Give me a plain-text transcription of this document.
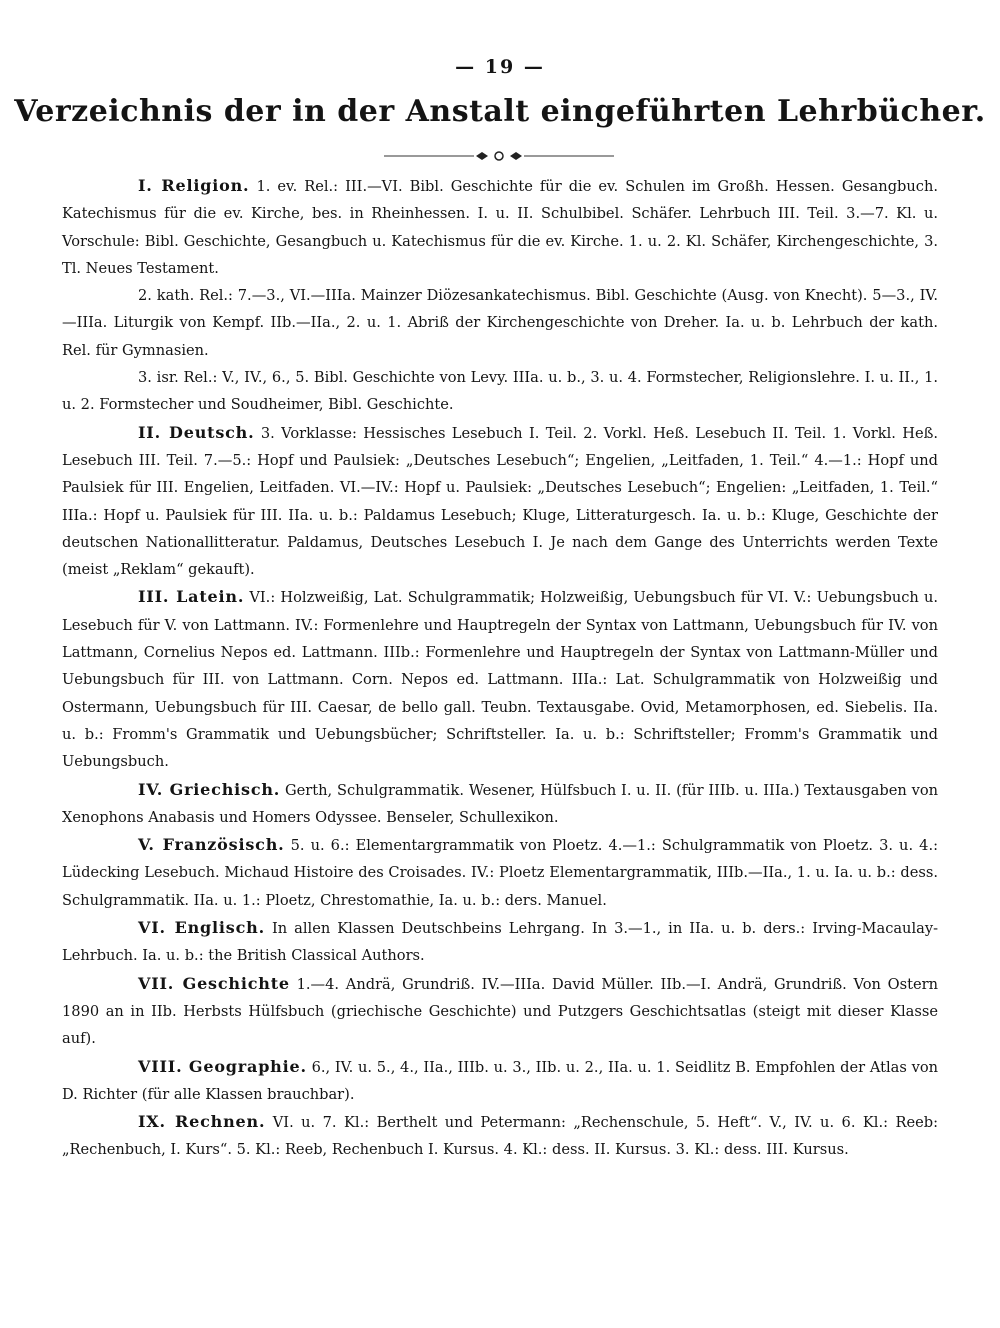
— 19 —
Verzeichnis der in der Anstalt eingeführten Lehrbücher.

I. Religion. 1. ev. Rel.: III.—VI. Bibl. Geschichte für die ev. Schulen im Großh. Hessen. Gesangbuch. Katechismus für die ev. Kirche, bes. in Rheinhessen. I. u. II. Schulbibel. Schäfer. Lehrbuch III. Teil. 3.—7. Kl. u. Vorschule: Bibl. Geschichte, Gesangbuch u. Katechismus für die ev. Kirche. 1. u. 2. Kl. Schäfer, Kirchengeschichte, 3. Tl. Neues Testament.

2. kath. Rel.: 7.—3., VI.—IIIa. Mainzer Diözesankatechismus. Bibl. Geschichte (Ausg. von Knecht). 5—3., IV.—IIIa. Liturgik von Kempf. IIb.—IIa., 2. u. 1. Abriß der Kirchengeschichte von Dreher. Ia. u. b. Lehrbuch der kath. Rel. für Gymnasien.

3. isr. Rel.: V., IV., 6., 5. Bibl. Geschichte von Levy. IIIa. u. b., 3. u. 4. Formstecher, Religionslehre. I. u. II., 1. u. 2. Formstecher und Soudheimer, Bibl. Geschichte.

II. Deutsch. 3. Vorklasse: Hessisches Lesebuch I. Teil. 2. Vorkl. Heß. Lesebuch II. Teil. 1. Vorkl. Heß. Lesebuch III. Teil. 7.—5.: Hopf und Paulsiek: „Deutsches Lesebuch“; Engelien, „Leitfaden, 1. Teil.“ 4.—1.: Hopf und Paulsiek für III. Engelien, Leitfaden. VI.—IV.: Hopf u. Paulsiek: „Deutsches Lesebuch“; Engelien: „Leitfaden, 1. Teil.“ IIIa.: Hopf u. Paulsiek für III. IIa. u. b.: Paldamus Lesebuch; Kluge, Litteraturgesch. Ia. u. b.: Kluge, Geschichte der deutschen Nationallitteratur. Paldamus, Deutsches Lesebuch I. Je nach dem Gange des Unterrichts werden Texte (meist „Reklam“ gekauft).

III. Latein. VI.: Holzweißig, Lat. Schulgrammatik; Holzweißig, Uebungsbuch für VI. V.: Uebungsbuch u. Lesebuch für V. von Lattmann. IV.: Formenlehre und Hauptregeln der Syntax von Lattmann, Uebungsbuch für IV. von Lattmann, Cornelius Nepos ed. Lattmann. IIIb.: Formenlehre und Hauptregeln der Syntax von Lattmann-Müller und Uebungsbuch für III. von Lattmann. Corn. Nepos ed. Lattmann. IIIa.: Lat. Schulgrammatik von Holzweißig und Ostermann, Uebungsbuch für III. Caesar, de bello gall. Teubn. Textausgabe. Ovid, Metamorphosen, ed. Siebelis. IIa. u. b.: Fromm's Grammatik und Uebungsbücher; Schriftsteller. Ia. u. b.: Schriftsteller; Fromm's Grammatik und Uebungsbuch.

IV. Griechisch. Gerth, Schulgrammatik. Wesener, Hülfsbuch I. u. II. (für IIIb. u. IIIa.) Textausgaben von Xenophons Anabasis und Homers Odyssee. Benseler, Schullexikon.

V. Französisch. 5. u. 6.: Elementargrammatik von Ploetz. 4.—1.: Schulgrammatik von Ploetz. 3. u. 4.: Lüdecking Lesebuch. Michaud Histoire des Croisades. IV.: Ploetz Elementargrammatik, IIIb.—IIa., 1. u. Ia. u. b.: dess. Schulgrammatik. IIa. u. 1.: Ploetz, Chrestomathie, Ia. u. b.: ders. Manuel.

VI. Englisch. In allen Klassen Deutschbeins Lehrgang. In 3.—1., in IIa. u. b. ders.: Irving-Macaulay-Lehrbuch. Ia. u. b.: the British Classical Authors.

VII. Geschichte 1.—4. Andrä, Grundriß. IV.—IIIa. David Müller. IIb.—I. Andrä, Grundriß. Von Ostern 1890 an in IIb. Herbsts Hülfsbuch (griechische Geschichte) und Putzgers Geschichtsatlas (steigt mit dieser Klasse auf).

VIII. Geographie. 6., IV. u. 5., 4., IIa., IIIb. u. 3., IIb. u. 2., IIa. u. 1. Seidlitz B. Empfohlen der Atlas von D. Richter (für alle Klassen brauchbar).

IX. Rechnen. VI. u. 7. Kl.: Berthelt und Petermann: „Rechenschule, 5. Heft“. V., IV. u. 6. Kl.: Reeb: „Rechenbuch, I. Kurs“. 5. Kl.: Reeb, Rechenbuch I. Kursus. 4. Kl.: dess. II. Kursus. 3. Kl.: dess. III. Kursus.
